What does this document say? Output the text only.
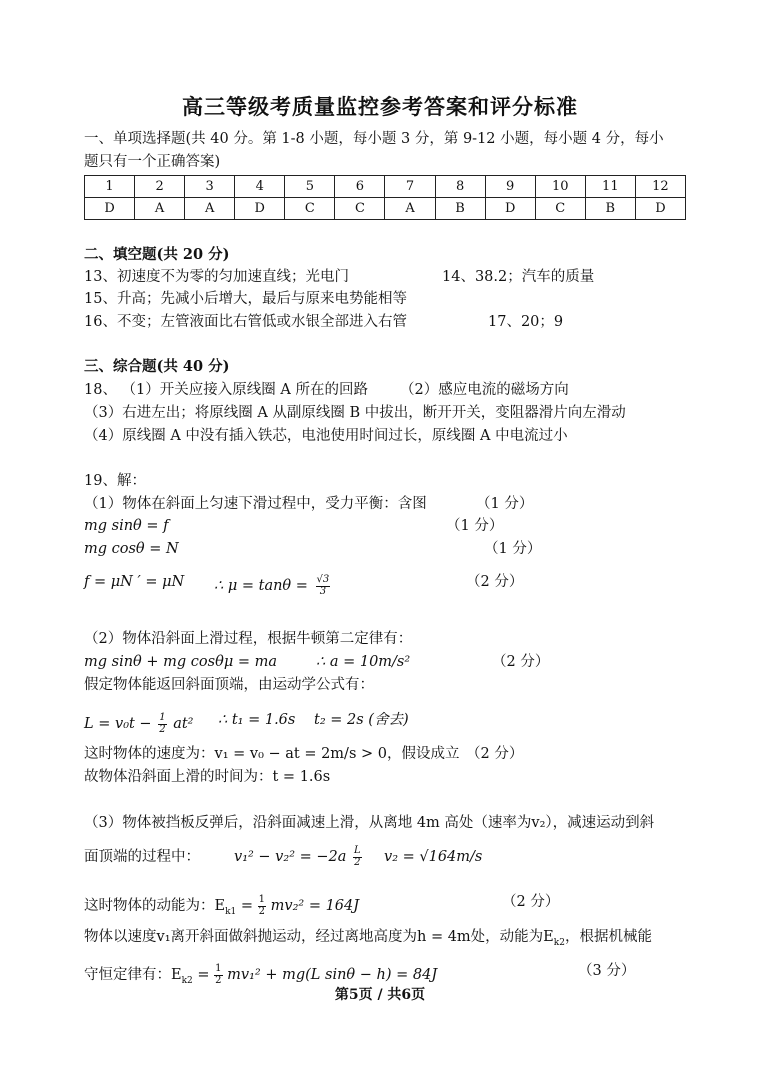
高三等级考质量监控参考答案和评分标准
一、单项选择题(共 40 分。第 1-8 小题，每小题 3 分，第 9-12 小题，每小题 4 分，每小
题只有一个正确答案)
1	2	3	4	5	6	7	8	9	10	11	12
D	A	A	D	C	C	A	B	D	C	B	D
二、填空题(共 20 分)
13、初速度不为零的匀加速直线；光电门	14、38.2；汽车的质量
15、升高；先减小后增大，最后与原来电势能相等
16、不变；左管液面比右管低或水银全部进入右管	17、20；9
三、综合题(共 40 分)
18、 （1）开关应接入原线圈 A 所在的回路 （2）感应电流的磁场方向
（3）右进左出；将原线圈 A 从副原线圈 B 中拔出，断开开关，变阻器滑片向左滑动
（4）原线圈 A 中没有插入铁芯，电池使用时间过长，原线圈 A 中电流过小
19、解：
（1）物体在斜面上匀速下滑过程中，受力平衡：含图	（1 分）
mg sinθ = f	（1 分）
mg cosθ = N	（1 分）
f = μN ′ = μN ∴ $\mu = \tan\theta = \frac{√3}{3}$	（2 分）
（2）物体沿斜面上滑过程，根据牛顿第二定律有：
mg sinθ + mg cosθμ = ma	∴ a = 10m/s²	（2 分）
假定物体能返回斜面顶端，由运动学公式有：
$L = v_0t - \frac{1}{2} at^2$ ∴ t₁ = 1.6s t₂ = 2s (舍去)
这时物体的速度为：v₁ = v₀ − at = 2m/s > 0，假设成立 （2 分）
故物体沿斜面上滑的时间为：t = 1.6s
（3）物体被挡板反弹后，沿斜面减速上滑，从离地 4m 高处（速率为v₂），减速运动到斜
面顶端的过程中： $v_1^2 - v_2^2 = -2a \frac{L}{2} v_2 = √164m/s$
这时物体的动能为：$E_{k1} = \frac{1}{2} mv_2^2 = 164J$	（2 分）
物体以速度v₁离开斜面做斜抛运动，经过离地高度为h = 4m处，动能为$E_{k2}$，根据机械能
守恒定律有：$E_{k2} = \frac{1}{2} mv_1^2 + mg(L$ sinθ − h) = 84J	（3 分）
第5页 / 共6页
